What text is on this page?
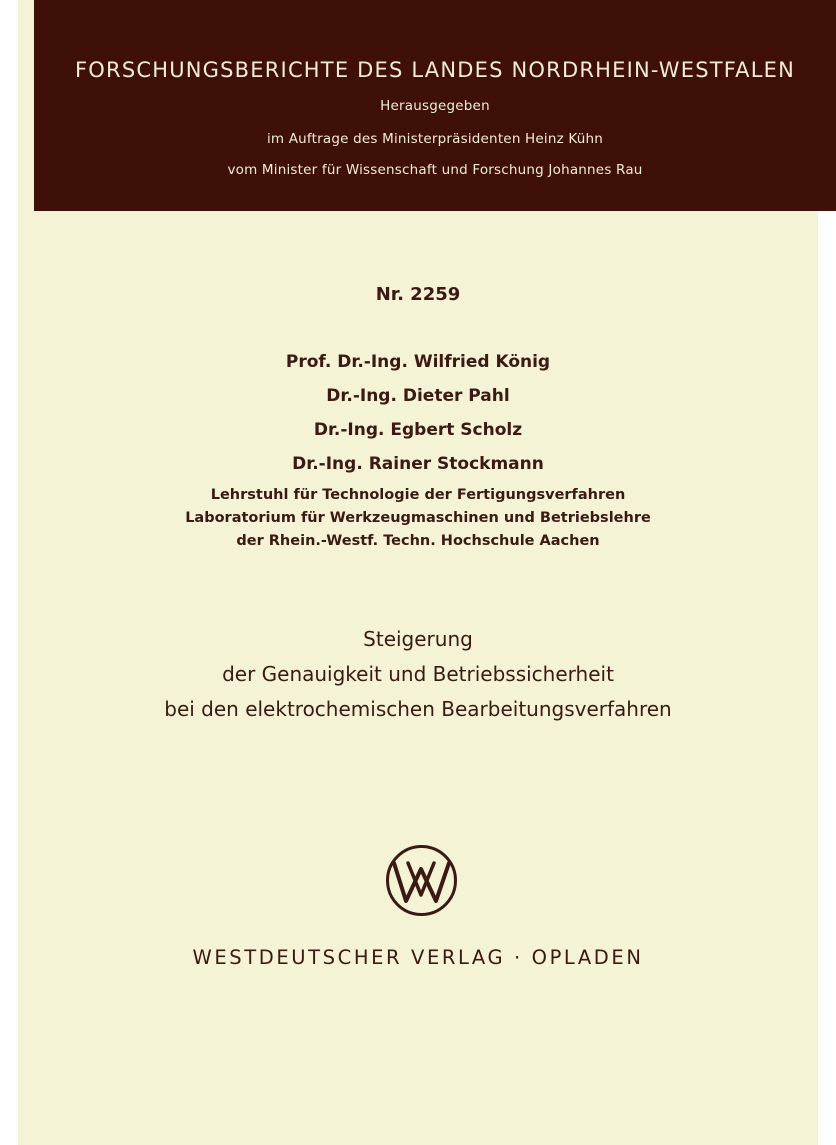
FORSCHUNGSBERICHTE DES LANDES NORDRHEIN-WESTFALEN
Herausgegeben
im Auftrage des Ministerpräsidenten Heinz Kühn
vom Minister für Wissenschaft und Forschung Johannes Rau
Nr. 2259
Prof. Dr.-Ing. Wilfried König
Dr.-Ing. Dieter Pahl
Dr.-Ing. Egbert Scholz
Dr.-Ing. Rainer Stockmann
Lehrstuhl für Technologie der Fertigungsverfahren
Laboratorium für Werkzeugmaschinen und Betriebslehre
der Rhein.-Westf. Techn. Hochschule Aachen
Steigerung
der Genauigkeit und Betriebssicherheit
bei den elektrochemischen Bearbeitungsverfahren
WESTDEUTSCHER VERLAG · OPLADEN
